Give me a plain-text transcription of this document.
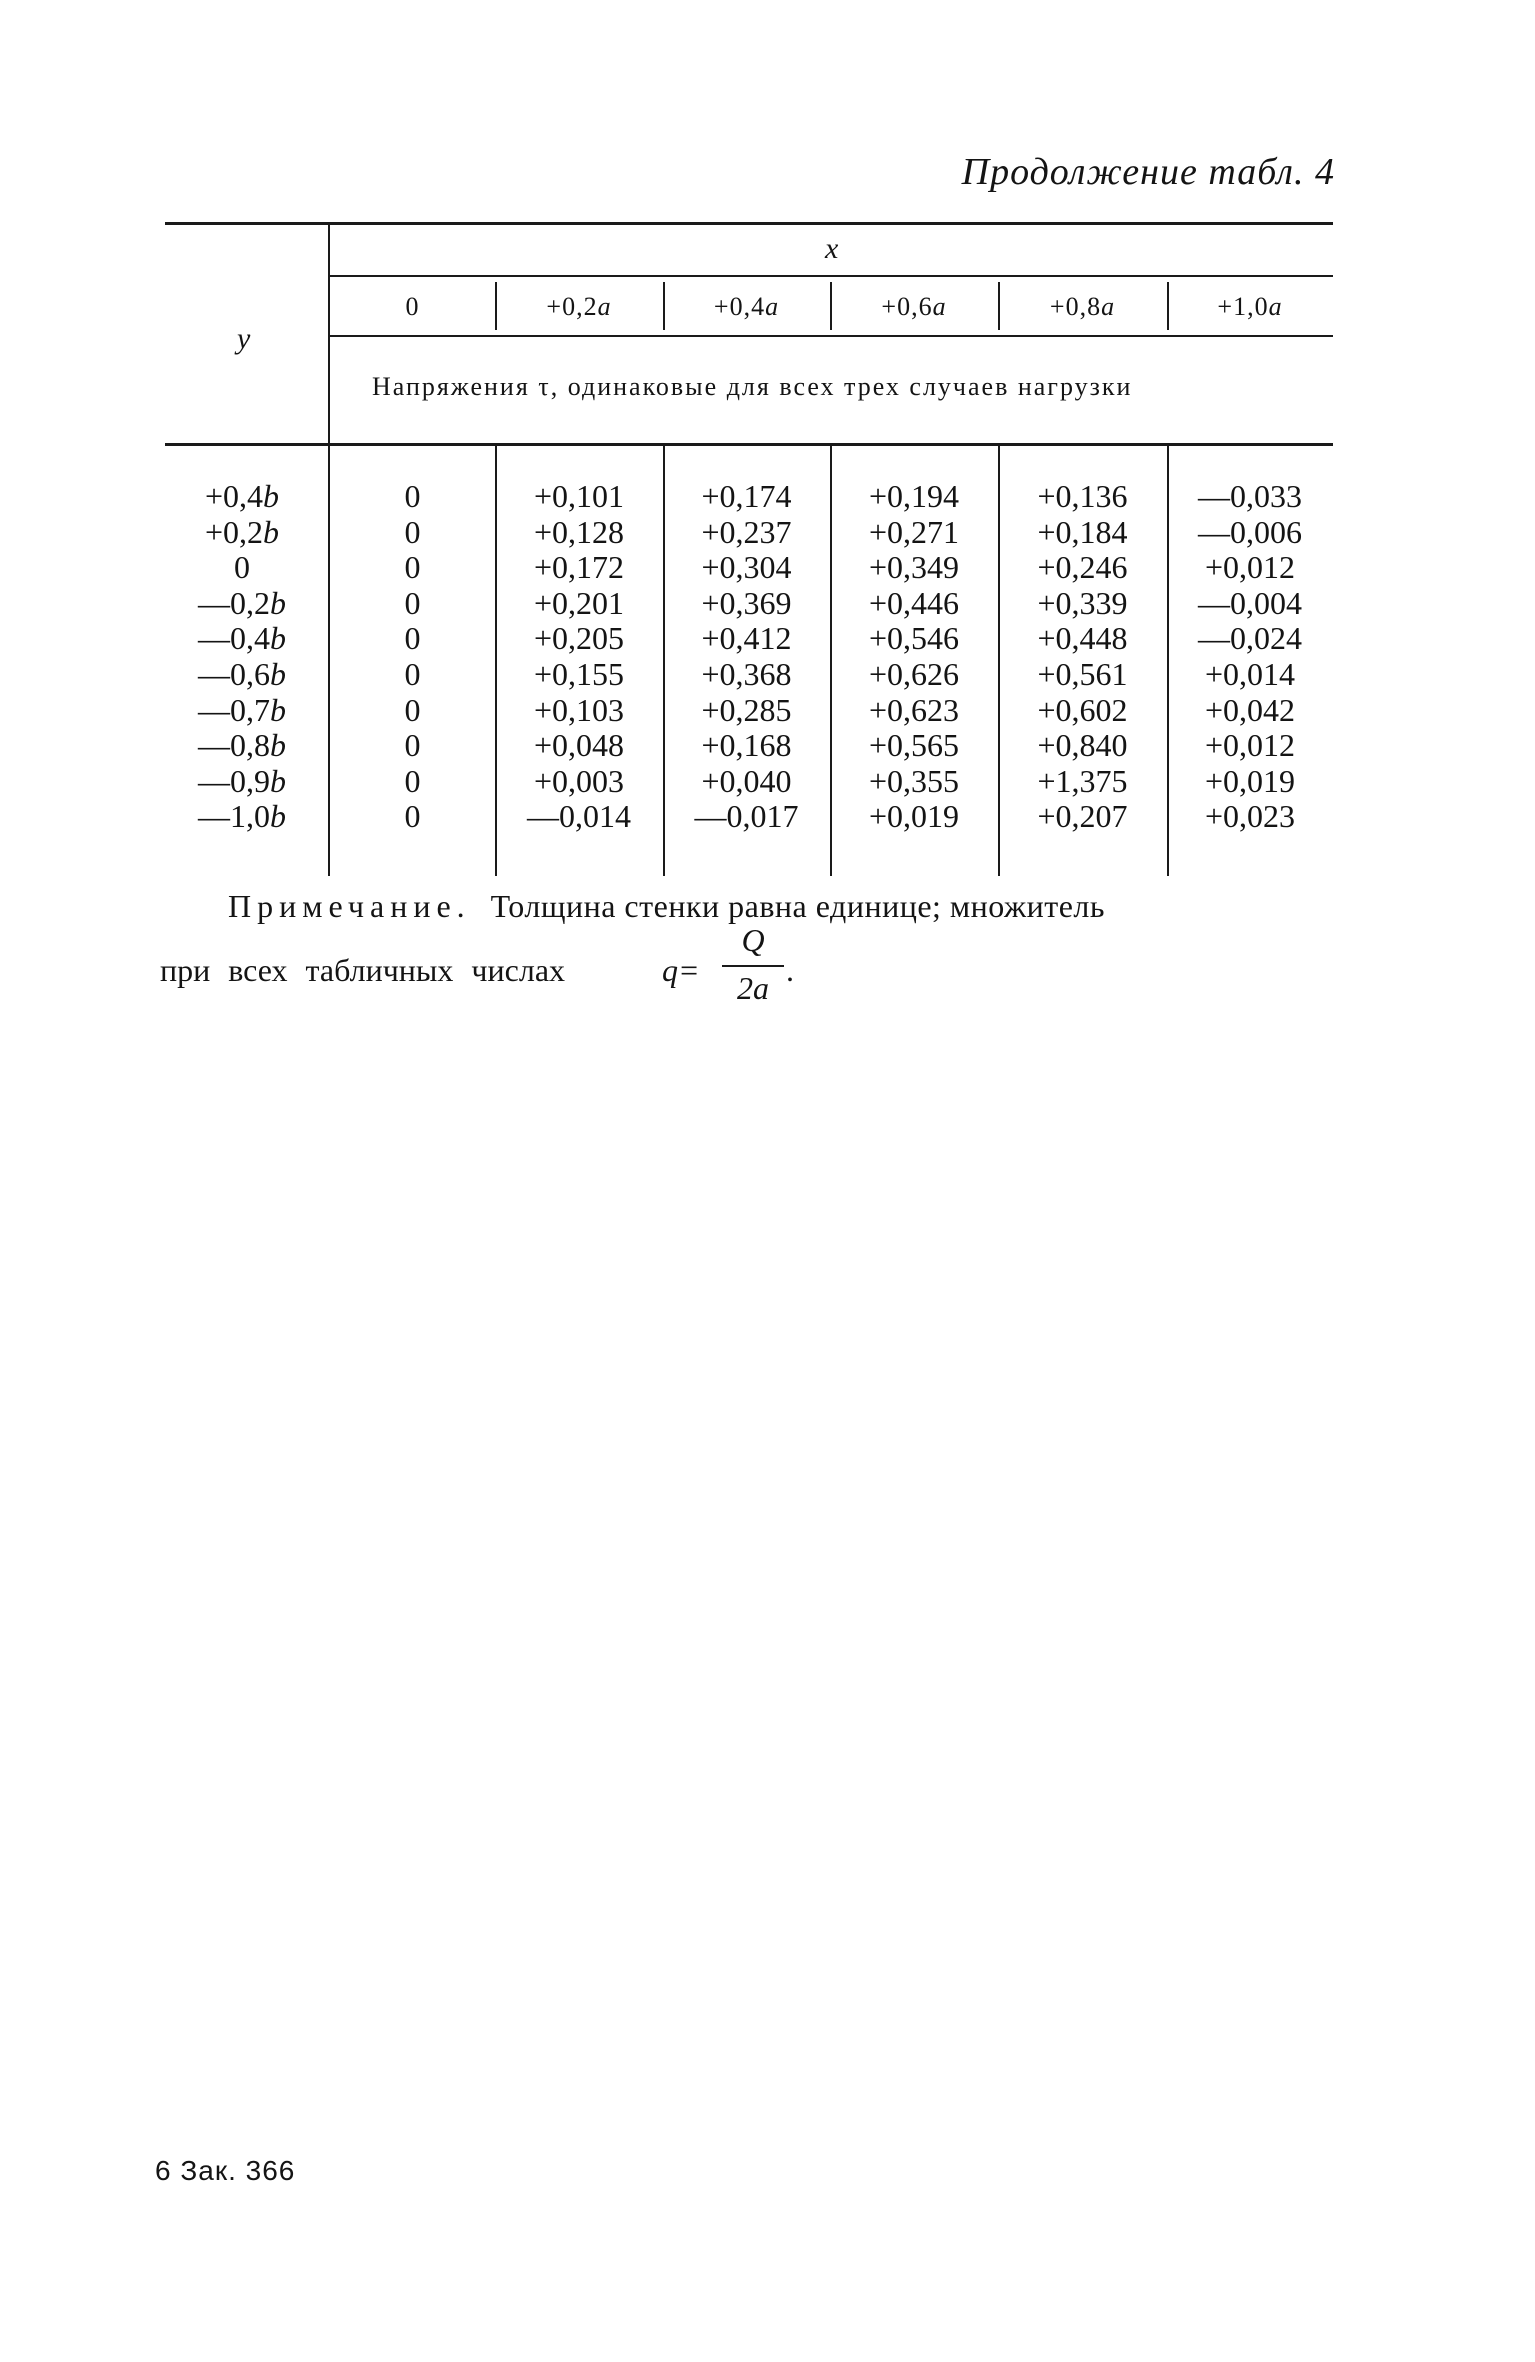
Продолжение табл. 4
x
y
0	+0,2a	+0,4a	+0,6a	+0,8a	+1,0a
Напряжения τ, одинаковые для всех трех случаев нагрузки
+0,4b	0	+0,101	+0,174	+0,194	+0,136	—0,033
+0,2b	0	+0,128	+0,237	+0,271	+0,184	—0,006
0	0	+0,172	+0,304	+0,349	+0,246	+0,012
—0,2b	0	+0,201	+0,369	+0,446	+0,339	—0,004
—0,4b	0	+0,205	+0,412	+0,546	+0,448	—0,024
—0,6b	0	+0,155	+0,368	+0,626	+0,561	+0,014
—0,7b	0	+0,103	+0,285	+0,623	+0,602	+0,042
—0,8b	0	+0,048	+0,168	+0,565	+0,840	+0,012
—0,9b	0	+0,003	+0,040	+0,355	+1,375	+0,019
—1,0b	0	—0,014	—0,017	+0,019	+0,207	+0,023
Примечание. Толщина стенки равна единице; множитель
при всех табличных числах	q=
Q
2a .
6 Зак. 366
